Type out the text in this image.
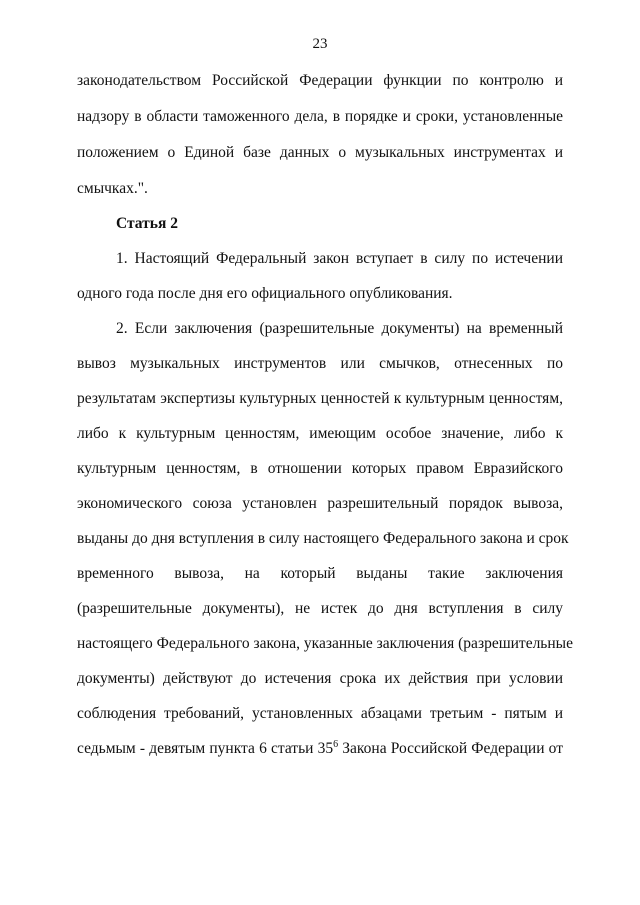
23
законодательством Российской Федерации функции по контролю и
надзору в области таможенного дела, в порядке и сроки, установленные
положением о Единой базе данных о музыкальных инструментах и
смычках.".
Статья 2
1. Настоящий Федеральный закон вступает в силу по истечении
одного года после дня его официального опубликования.
2. Если заключения (разрешительные документы) на временный
вывоз музыкальных инструментов или смычков, отнесенных по
результатам экспертизы культурных ценностей к культурным ценностям,
либо к культурным ценностям, имеющим особое значение, либо к
культурным ценностям, в отношении которых правом Евразийского
экономического союза установлен разрешительный порядок вывоза,
выданы до дня вступления в силу настоящего Федерального закона и срок
временного вывоза, на который выданы такие заключения
(разрешительные документы), не истек до дня вступления в силу
настоящего Федерального закона, указанные заключения (разрешительные
документы) действуют до истечения срока их действия при условии
соблюдения требований, установленных абзацами третьим - пятым и
седьмым - девятым пункта 6 статьи $35^6$ Закона Российской Федерации от
